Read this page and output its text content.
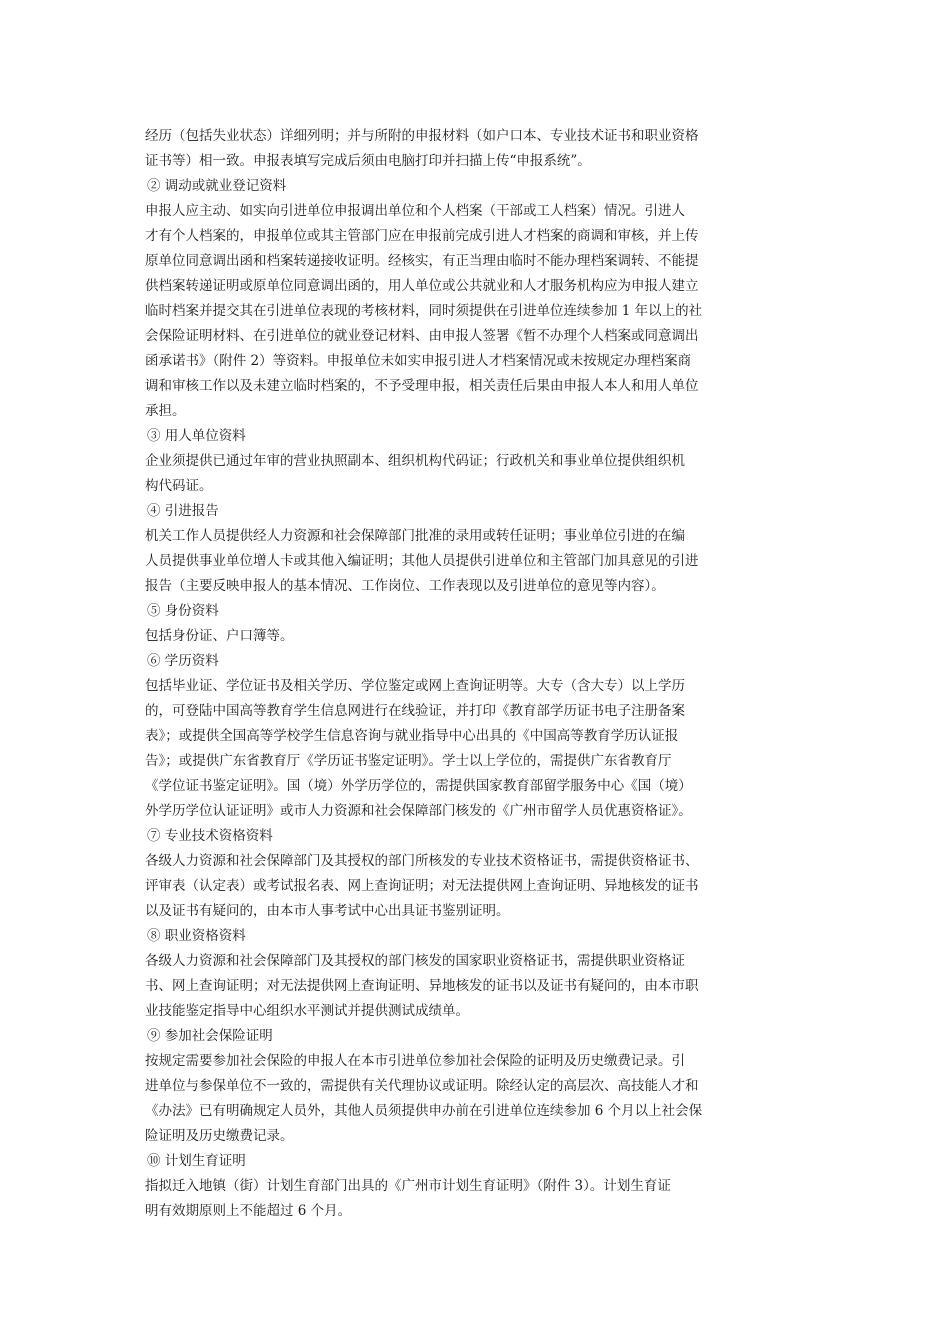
经历（包括失业状态）详细列明；并与所附的申报材料（如户口本、专业技术证书和职业资格
证书等）相一致。申报表填写完成后须由电脑打印并扫描上传“申报系统”。
② 调动或就业登记资料
申报人应主动、如实向引进单位申报调出单位和个人档案（干部或工人档案）情况。引进人
才有个人档案的，申报单位或其主管部门应在申报前完成引进人才档案的商调和审核，并上传
原单位同意调出函和档案转递接收证明。经核实，有正当理由临时不能办理档案调转、不能提
供档案转递证明或原单位同意调出函的，用人单位或公共就业和人才服务机构应为申报人建立
临时档案并提交其在引进单位表现的考核材料，同时须提供在引进单位连续参加 1 年以上的社
会保险证明材料、在引进单位的就业登记材料、由申报人签署《暂不办理个人档案或同意调出
函承诺书》（附件 2）等资料。申报单位未如实申报引进人才档案情况或未按规定办理档案商
调和审核工作以及未建立临时档案的，不予受理申报，相关责任后果由申报人本人和用人单位
承担。
③ 用人单位资料
企业须提供已通过年审的营业执照副本、组织机构代码证；行政机关和事业单位提供组织机
构代码证。
④ 引进报告
机关工作人员提供经人力资源和社会保障部门批准的录用或转任证明；事业单位引进的在编
人员提供事业单位增人卡或其他入编证明；其他人员提供引进单位和主管部门加具意见的引进
报告（主要反映申报人的基本情况、工作岗位、工作表现以及引进单位的意见等内容）。
⑤ 身份资料
包括身份证、户口簿等。
⑥ 学历资料
包括毕业证、学位证书及相关学历、学位鉴定或网上查询证明等。大专（含大专）以上学历
的，可登陆中国高等教育学生信息网进行在线验证，并打印《教育部学历证书电子注册备案
表》；或提供全国高等学校学生信息咨询与就业指导中心出具的《中国高等教育学历认证报
告》；或提供广东省教育厅《学历证书鉴定证明》。学士以上学位的，需提供广东省教育厅
《学位证书鉴定证明》。国（境）外学历学位的，需提供国家教育部留学服务中心《国（境）
外学历学位认证证明》或市人力资源和社会保障部门核发的《广州市留学人员优惠资格证》。
⑦ 专业技术资格资料
各级人力资源和社会保障部门及其授权的部门所核发的专业技术资格证书，需提供资格证书、
评审表（认定表）或考试报名表、网上查询证明；对无法提供网上查询证明、异地核发的证书
以及证书有疑问的，由本市人事考试中心出具证书鉴别证明。
⑧ 职业资格资料
各级人力资源和社会保障部门及其授权的部门核发的国家职业资格证书，需提供职业资格证
书、网上查询证明；对无法提供网上查询证明、异地核发的证书以及证书有疑问的，由本市职
业技能鉴定指导中心组织水平测试并提供测试成绩单。
⑨ 参加社会保险证明
按规定需要参加社会保险的申报人在本市引进单位参加社会保险的证明及历史缴费记录。引
进单位与参保单位不一致的，需提供有关代理协议或证明。除经认定的高层次、高技能人才和
《办法》已有明确规定人员外，其他人员须提供申办前在引进单位连续参加 6 个月以上社会保
险证明及历史缴费记录。
⑩ 计划生育证明
指拟迁入地镇（街）计划生育部门出具的《广州市计划生育证明》（附件 3）。计划生育证
明有效期原则上不能超过 6 个月。
